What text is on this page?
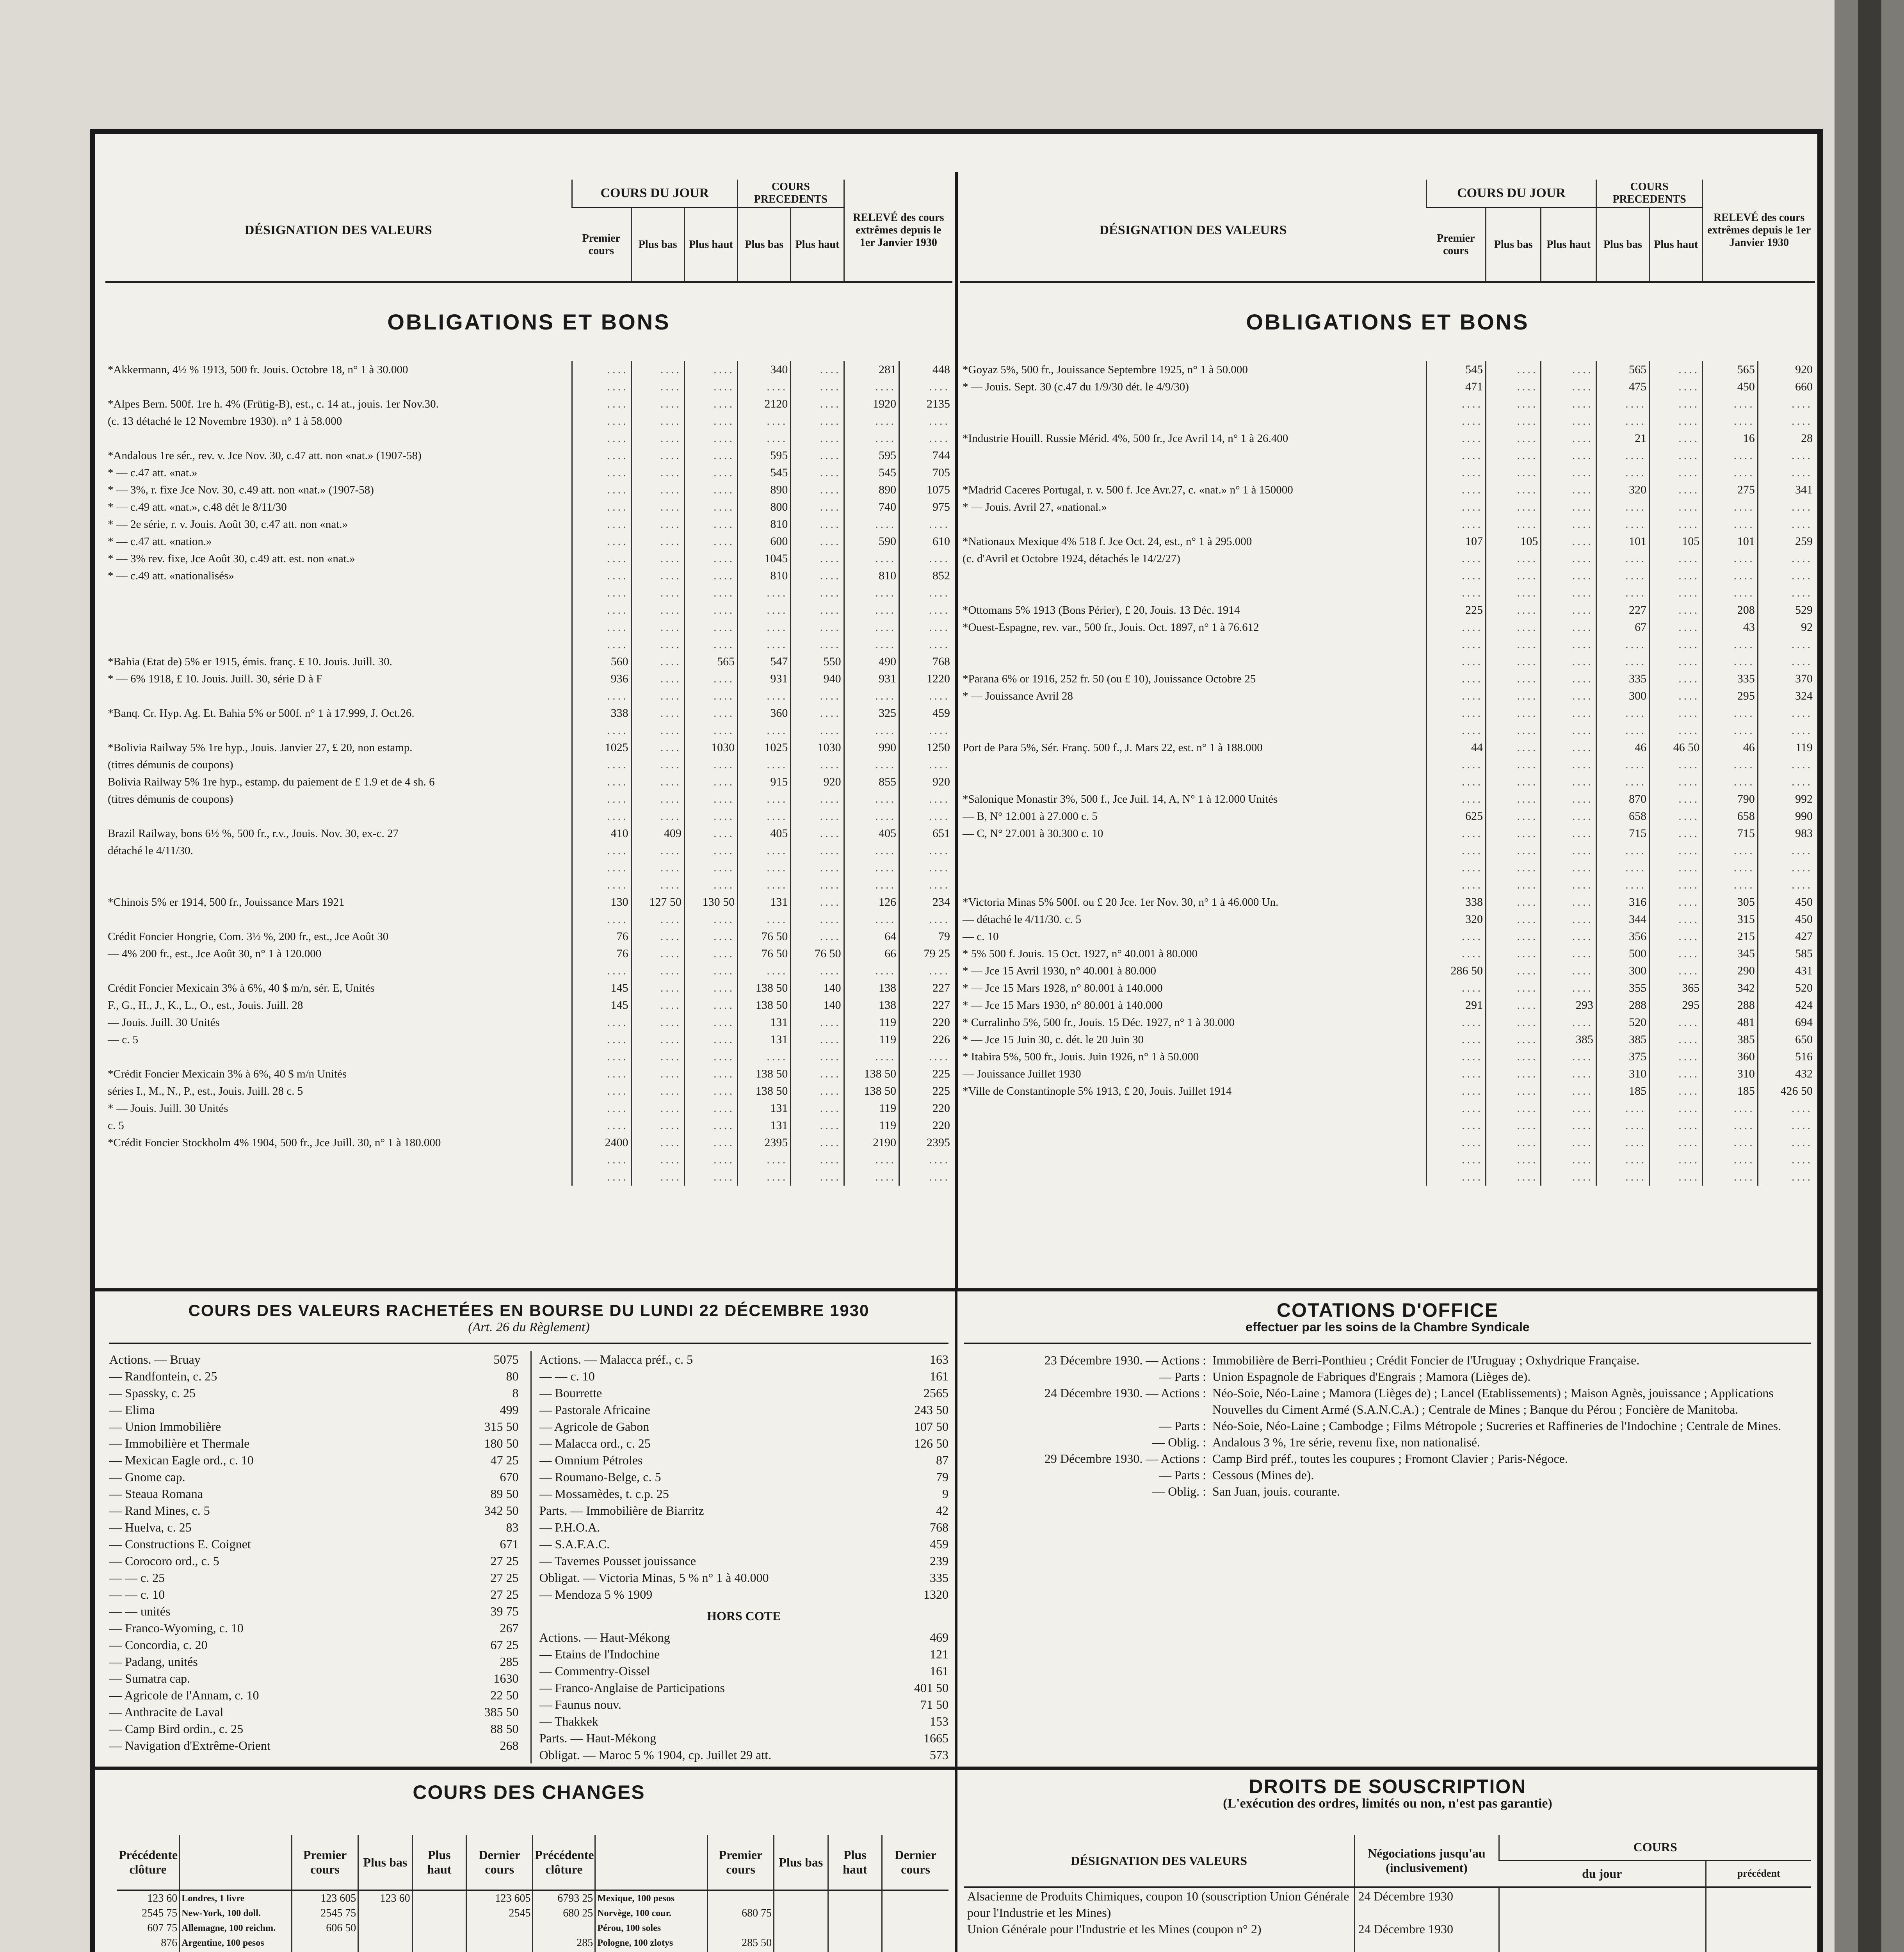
DÉSIGNATION DES VALEURS	COURS DU JOUR			COURS PRECEDENTS		RELEVÉ des cours extrêmes depuis le 1er Janvier 1930	
	Premier cours	Plus bas	Plus haut	Plus bas	Plus haut		
OBLIGATIONS ET BONS							
*Akkermann, 4½ % 1913, 500 fr. Jouis. Octobre 18, n° 1 à 30.000	....	....	....	340	....	281	448
	....	....	....	....	....	....	....
*Alpes Bern. 500f. 1re h. 4% (Frütig-B), est., c. 14 at., jouis. 1er Nov.30.	....	....	....	2120	....	1920	2135
(c. 13 détaché le 12 Novembre 1930). n° 1 à 58.000	....	....	....	....	....	....	....
	....	....	....	....	....	....	....
*Andalous 1re sér., rev. v. Jce Nov. 30, c.47 att. non «nat.» (1907-58)	....	....	....	595	....	595	744
* — c.47 att. «nat.»	....	....	....	545	....	545	705
* — 3%, r. fixe Jce Nov. 30, c.49 att. non «nat.» (1907-58)	....	....	....	890	....	890	1075
* — c.49 att. «nat.», c.48 dét le 8/11/30	....	....	....	800	....	740	975
* — 2e série, r. v. Jouis. Août 30, c.47 att. non «nat.»	....	....	....	810	....	....	....
* — c.47 att. «nation.»	....	....	....	600	....	590	610
* — 3% rev. fixe, Jce Août 30, c.49 att. est. non «nat.»	....	....	....	1045	....	....	....
* — c.49 att. «nationalisés»	....	....	....	810	....	810	852
	....	....	....	....	....	....	....
	....	....	....	....	....	....	....
	....	....	....	....	....	....	....
	....	....	....	....	....	....	....
*Bahia (Etat de) 5% er 1915, émis. franç. £ 10. Jouis. Juill. 30.	560	....	565	547	550	490	768
* — 6% 1918, £ 10. Jouis. Juill. 30, série D à F	936	....	....	931	940	931	1220
	....	....	....	....	....	....	....
*Banq. Cr. Hyp. Ag. Et. Bahia 5% or 500f. n° 1 à 17.999, J. Oct.26.	338	....	....	360	....	325	459
	....	....	....	....	....	....	....
*Bolivia Railway 5% 1re hyp., Jouis. Janvier 27, £ 20, non estamp.	1025	....	1030	1025	1030	990	1250
(titres démunis de coupons)	....	....	....	....	....	....	....
Bolivia Railway 5% 1re hyp., estamp. du paiement de £ 1.9 et de 4 sh. 6	....	....	....	915	920	855	920
(titres démunis de coupons)	....	....	....	....	....	....	....
	....	....	....	....	....	....	....
Brazil Railway, bons 6½ %, 500 fr., r.v., Jouis. Nov. 30, ex-c. 27	410	409	....	405	....	405	651
détaché le 4/11/30.	....	....	....	....	....	....	....
	....	....	....	....	....	....	....
	....	....	....	....	....	....	....
*Chinois 5% er 1914, 500 fr., Jouissance Mars 1921	130	127 50	130 50	131	....	126	234
	....	....	....	....	....	....	....
Crédit Foncier Hongrie, Com. 3½ %, 200 fr., est., Jce Août 30	76	....	....	76 50	....	64	79
— 4% 200 fr., est., Jce Août 30, n° 1 à 120.000	76	....	....	76 50	76 50	66	79 25
	....	....	....	....	....	....	....
Crédit Foncier Mexicain 3% à 6%, 40 $ m/n, sér. E, Unités	145	....	....	138 50	140	138	227
F., G., H., J., K., L., O., est., Jouis. Juill. 28	145	....	....	138 50	140	138	227
— Jouis. Juill. 30 Unités	....	....	....	131	....	119	220
— c. 5	....	....	....	131	....	119	226
	....	....	....	....	....	....	....
*Crédit Foncier Mexicain 3% à 6%, 40 $ m/n Unités	....	....	....	138 50	....	138 50	225
séries I., M., N., P., est., Jouis. Juill. 28 c. 5	....	....	....	138 50	....	138 50	225
* — Jouis. Juill. 30 Unités	....	....	....	131	....	119	220
c. 5	....	....	....	131	....	119	220
*Crédit Foncier Stockholm 4% 1904, 500 fr., Jce Juill. 30, n° 1 à 180.000	2400	....	....	2395	....	2190	2395
	....	....	....	....	....	....	....
	....	....	....	....	....	....	....
DÉSIGNATION DES VALEURS	COURS DU JOUR			COURS PRECEDENTS		RELEVÉ des cours extrêmes depuis le 1er Janvier 1930	
	Premier cours	Plus bas	Plus haut	Plus bas	Plus haut		
OBLIGATIONS ET BONS							
*Goyaz 5%, 500 fr., Jouissance Septembre 1925, n° 1 à 50.000	545	....	....	565	....	565	920
* — Jouis. Sept. 30 (c.47 du 1/9/30 dét. le 4/9/30)	471	....	....	475	....	450	660
	....	....	....	....	....	....	....
	....	....	....	....	....	....	....
*Industrie Houill. Russie Mérid. 4%, 500 fr., Jce Avril 14, n° 1 à 26.400	....	....	....	21	....	16	28
	....	....	....	....	....	....	....
	....	....	....	....	....	....	....
*Madrid Caceres Portugal, r. v. 500 f. Jce Avr.27, c. «nat.» n° 1 à 150000	....	....	....	320	....	275	341
* — Jouis. Avril 27, «national.»	....	....	....	....	....	....	....
	....	....	....	....	....	....	....
*Nationaux Mexique 4% 518 f. Jce Oct. 24, est., n° 1 à 295.000	107	105	....	101	105	101	259
(c. d'Avril et Octobre 1924, détachés le 14/2/27)	....	....	....	....	....	....	....
	....	....	....	....	....	....	....
	....	....	....	....	....	....	....
*Ottomans 5% 1913 (Bons Périer), £ 20, Jouis. 13 Déc. 1914	225	....	....	227	....	208	529
*Ouest-Espagne, rev. var., 500 fr., Jouis. Oct. 1897, n° 1 à 76.612	....	....	....	67	....	43	92
	....	....	....	....	....	....	....
	....	....	....	....	....	....	....
*Parana 6% or 1916, 252 fr. 50 (ou £ 10), Jouissance Octobre 25	....	....	....	335	....	335	370
* — Jouissance Avril 28	....	....	....	300	....	295	324
	....	....	....	....	....	....	....
	....	....	....	....	....	....	....
Port de Para 5%, Sér. Franç. 500 f., J. Mars 22, est. n° 1 à 188.000	44	....	....	46	46 50	46	119
	....	....	....	....	....	....	....
	....	....	....	....	....	....	....
*Salonique Monastir 3%, 500 f., Jce Juil. 14, A, N° 1 à 12.000 Unités	....	....	....	870	....	790	992
— B, N° 12.001 à 27.000 c. 5	625	....	....	658	....	658	990
— C, N° 27.001 à 30.300 c. 10	....	....	....	715	....	715	983
	....	....	....	....	....	....	....
	....	....	....	....	....	....	....
	....	....	....	....	....	....	....
*Victoria Minas 5% 500f. ou £ 20 Jce. 1er Nov. 30, n° 1 à 46.000 Un.	338	....	....	316	....	305	450
— détaché le 4/11/30. c. 5	320	....	....	344	....	315	450
— c. 10	....	....	....	356	....	215	427
* 5% 500 f. Jouis. 15 Oct. 1927, n° 40.001 à 80.000	....	....	....	500	....	345	585
* — Jce 15 Avril 1930, n° 40.001 à 80.000	286 50	....	....	300	....	290	431
* — Jce 15 Mars 1928, n° 80.001 à 140.000	....	....	....	355	365	342	520
* — Jce 15 Mars 1930, n° 80.001 à 140.000	291	....	293	288	295	288	424
* Curralinho 5%, 500 fr., Jouis. 15 Déc. 1927, n° 1 à 30.000	....	....	....	520	....	481	694
* — Jce 15 Juin 30, c. dét. le 20 Juin 30	....	....	385	385	....	385	650
* Itabira 5%, 500 fr., Jouis. Juin 1926, n° 1 à 50.000	....	....	....	375	....	360	516
— Jouissance Juillet 1930	....	....	....	310	....	310	432
*Ville de Constantinople 5% 1913, £ 20, Jouis. Juillet 1914	....	....	....	185	....	185	426 50
	....	....	....	....	....	....	....
	....	....	....	....	....	....	....
	....	....	....	....	....	....	....
	....	....	....	....	....	....	....
	....	....	....	....	....	....	....
COURS DES VALEURS RACHETÉES EN BOURSE DU LUNDI 22 DÉCEMBRE 1930
(Art. 26 du Règlement)
Actions. — Bruay	5075
— Randfontein, c. 25	80
— Spassky, c. 25	8
— Elima	499
— Union Immobilière	315 50
— Immobilière et Thermale	180 50
— Mexican Eagle ord., c. 10	47 25
— Gnome cap.	670
— Steaua Romana	89 50
— Rand Mines, c. 5	342 50
— Huelva, c. 25	83
— Constructions E. Coignet	671
— Corocoro ord., c. 5	27 25
— — c. 25	27 25
— — c. 10	27 25
— — unités	39 75
— Franco-Wyoming, c. 10	267
— Concordia, c. 20	67 25
— Padang, unités	285
— Sumatra cap.	1630
— Agricole de l'Annam, c. 10	22 50
— Anthracite de Laval	385 50
— Camp Bird ordin., c. 25	88 50
— Navigation d'Extrême-Orient	268
Actions. — Malacca préf., c. 5	163
— — c. 10	161
— Bourrette	2565
— Pastorale Africaine	243 50
— Agricole de Gabon	107 50
— Malacca ord., c. 25	126 50
— Omnium Pétroles	87
— Roumano-Belge, c. 5	79
— Mossamèdes, t. c.p. 25	9
Parts. — Immobilière de Biarritz	42
— P.H.O.A.	768
— S.A.F.A.C.	459
— Tavernes Pousset jouissance	239
Obligat. — Victoria Minas, 5 % n° 1 à 40.000	335
— Mendoza 5 % 1909	1320
HORS COTE
Actions. — Haut-Mékong	469
— Etains de l'Indochine	121
— Commentry-Oissel	161
— Franco-Anglaise de Participations	401 50
— Faunus nouv.	71 50
— Thakkek	153
Parts. — Haut-Mékong	1665
Obligat. — Maroc 5 % 1904, cp. Juillet 29 att.	573
COTATIONS D'OFFICE
effectuer par les soins de la Chambre Syndicale
23 Décembre 1930. — Actions : Immobilière de Berri-Ponthieu ; Crédit Foncier de l'Uruguay ; Oxhydrique Française.
— Parts : Union Espagnole de Fabriques d'Engrais ; Mamora (Lièges de).
24 Décembre 1930. — Actions : Néo-Soie, Néo-Laine ; Mamora (Lièges de) ; Lancel (Etablissements) ; Maison Agnès, jouissance ; Applications Nouvelles du Ciment Armé (S.A.N.C.A.) ; Centrale de Mines ; Banque du Pérou ; Foncière de Manitoba.
— Parts : Néo-Soie, Néo-Laine ; Cambodge ; Films Métropole ; Sucreries et Raffineries de l'Indochine ; Centrale de Mines.
— Oblig. : Andalous 3 %, 1re série, revenu fixe, non nationalisé.
29 Décembre 1930. — Actions : Camp Bird préf., toutes les coupures ; Fromont Clavier ; Paris-Négoce.
— Parts : Cessous (Mines de).
— Oblig. : San Juan, jouis. courante.
COURS DES CHANGES
Précédente clôture		Premier cours	Plus bas	Plus haut	Dernier cours	Précédente clôture		Premier cours	Plus bas	Plus haut	Dernier cours
123 60	Londres, 1 livre	123 605	123 60		123 605	6793 25	Mexique, 100 pesos				
2545 75	New-York, 100 doll.	2545 75			2545	680 25	Norvège, 100 cour.	680 75			
607 75	Allemagne, 100 reichm.	606 50					Pérou, 100 soles				
876	Argentine, 100 pesos					285	Pologne, 100 zlotys	285 50			

DROITS DE SOUSCRIPTION
(L'exécution des ordres, limités ou non, n'est pas garantie)
DÉSIGNATION DES VALEURS	Négociations jusqu'au (inclusivement)	COURS	
		du jour	précédent
Alsacienne de Produits Chimiques, coupon 10 (souscription Union Générale pour l'Industrie et les Mines)	24 Décembre 1930		
Union Générale pour l'Industrie et les Mines (coupon n° 2)	24 Décembre 1930		
